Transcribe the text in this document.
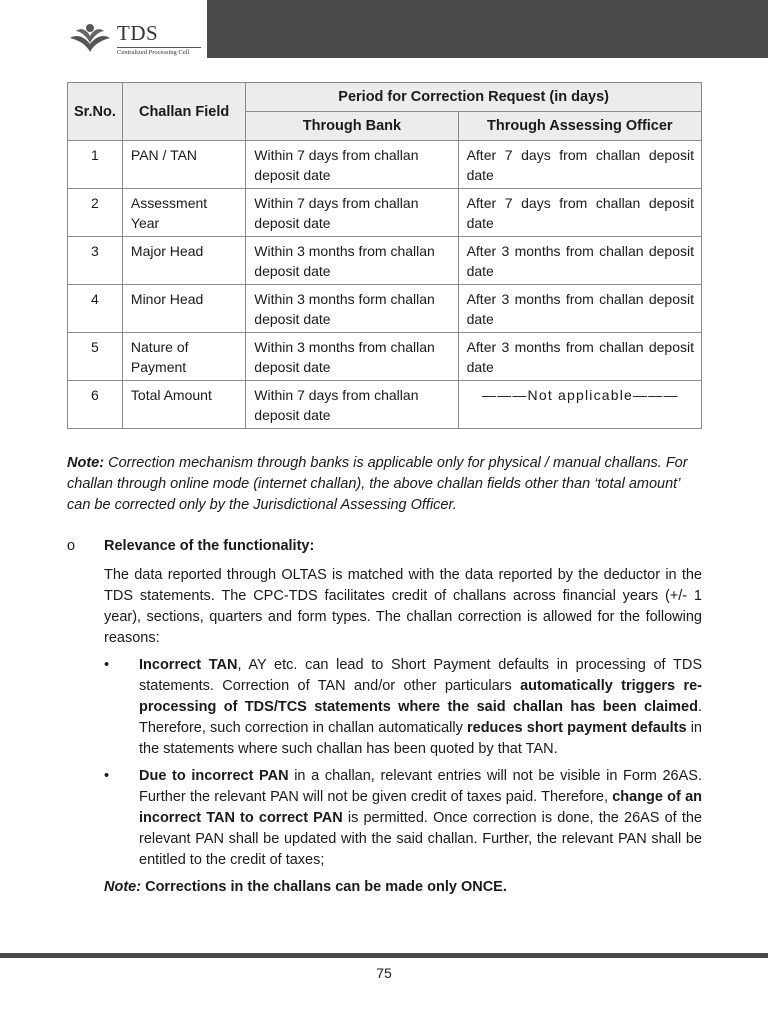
TDS
Centralized Processing Cell
Sr.No.	Challan Field	Period for Correction Request (in days)	
		Through Bank	Through Assessing Officer
1	PAN / TAN	Within 7 days from challan deposit date	After 7 days from challan deposit date
2	Assessment Year	Within 7 days from challan deposit date	After 7 days from challan deposit date
3	Major Head	Within 3 months from challan deposit date	After 3 months from challan deposit date
4	Minor Head	Within 3 months form challan deposit date	After 3 months from challan deposit date
5	Nature of Payment	Within 3 months from challan deposit date	After 3 months from challan deposit date
6	Total Amount	Within 7 days from challan deposit date	———Not applicable———
Note: Correction mechanism through banks is applicable only for physical / manual challans. For challan through online mode (internet challan), the above challan fields other than ‘total amount’ can be corrected only by the Jurisdictional Assessing Officer.
o Relevance of the functionality:
The data reported through OLTAS is matched with the data reported by the deductor in the TDS statements. The CPC-TDS facilitates credit of challans across financial years (+/- 1 year), sections, quarters and form types. The challan correction is allowed for the following reasons:
• Incorrect TAN, AY etc. can lead to Short Payment defaults in processing of TDS statements. Correction of TAN and/or other particulars automatically triggers re-processing of TDS/TCS statements where the said challan has been claimed. Therefore, such correction in challan automatically reduces short payment defaults in the statements where such challan has been quoted by that TAN.
• Due to incorrect PAN in a challan, relevant entries will not be visible in Form 26AS. Further the relevant PAN will not be given credit of taxes paid. Therefore, change of an incorrect TAN to correct PAN is permitted. Once correction is done, the 26AS of the relevant PAN shall be updated with the said challan. Further, the relevant PAN shall be entitled to the credit of taxes;
Note: Corrections in the challans can be made only ONCE.
75
